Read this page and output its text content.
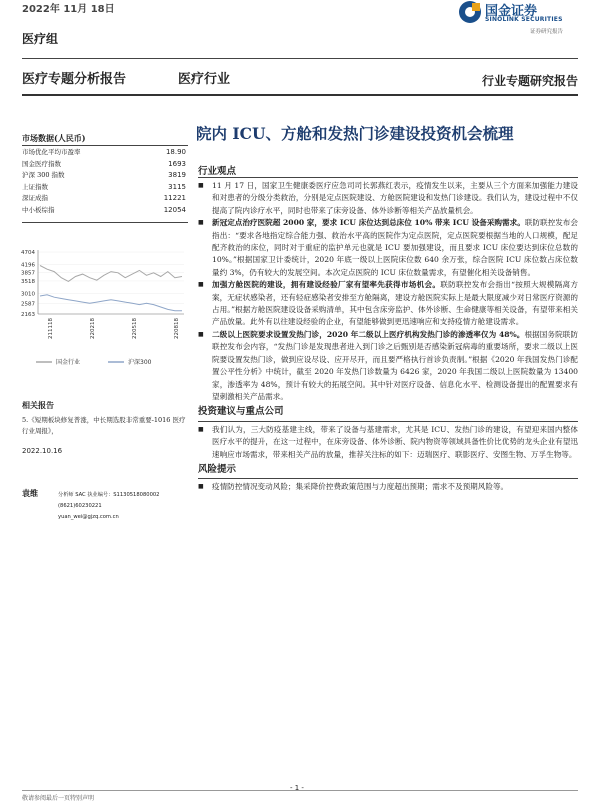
2022年 11月 18日	国金证券
SINOLINK SECURITIES
证券研究报告
医疗组
医疗专题分析报告	医疗行业	行业专题研究报告
院内 ICU、方舱和发热门诊建设投资机会梳理
市场数据(人民币)
市场优化平均市盈率	18.90
国金医疗指数	1693
沪深 300 指数	3819
上证指数	3115
深证成指	11221
中小板综指	12054
4704
4196
3857
3518
3010
2587
2163
211118	220218	220518	220818
国金行业	沪深300
相关报告
5.《短期板块修复普涨，中长期选股非常重要-1016 医疗行业周报》，
2022.10.16
袁维	分析师 SAC 执业编号：S1130518080002
(8621)60230221
yuan_wei@gjzq.com.cn
行业观点

■ 11 月 17 日，国家卫生健康委医疗应急司司长郭燕红表示，疫情发生以来，主要从三个方面来加强能力建设和对患者的分级分类救治，分别是定点医院建设、方舱医院建设和发热门诊建设。我们认为，建设过程中不仅提高了院内诊疗水平，同时也带来了床旁设备、体外诊断等相关产品放量机会。

■ 新冠定点治疗医院超 2000 家，要求 ICU 床位达到总床位 10% 带来 ICU 设备采购需求。联防联控发布会指出：“要求各地指定综合能力强、救治水平高的医院作为定点医院，定点医院要根据当地的人口规模，配足配齐救治的床位，同时对于重症的监护单元也就是 ICU 要加强建设，而且要求 ICU 床位要达到床位总数的 10%。”根据国家卫计委统计，2020 年底一级以上医院床位数 640 余万张，综合医院 ICU 床位数占床位数量约 3%，仍有较大的发展空间。本次定点医院的 ICU 床位数量需求，有望催化相关设备销售。

■ 加强方舱医院的建设，拥有建设经验厂家有望率先获得市场机会。联防联控发布会指出“按照大规模隔离方案，无症状感染者，还有轻症感染者安排至方舱隔离，建设方舱医院实际上是最大限度减少对日常医疗资源的占用。”根据方舱医院建设设备采购清单，其中包含床旁监护、体外诊断、生命健康等相关设备，有望带来相关产品放量。此外有以往建设经验的企业，有望能够做到更迅速响应和支持疫情方舱建设需求。

■ 二级以上医院要求设置发热门诊，2020 年二级以上医疗机构发热门诊的渗透率仅为 48%。根据国务院联防联控发布会内容，“发热门诊是发现患者进入到门诊之后甄别是否感染新冠病毒的重要场所，要求二级以上医院要设置发热门诊，做到应设尽设、应开尽开，而且要严格执行首诊负责制。”根据《2020 年我国发热门诊配置公平性分析》中统计，截至 2020 年发热门诊数量为 6426 家，2020 年我国二级以上医院数量为 13400 家，渗透率为 48%，预计有较大的拓展空间。其中针对医疗设备、信息化水平、检测设备提出的配置要求有望刺激相关产品需求。

投资建议与重点公司

■ 我们认为，三大防疫基建主线，带来了设备与基建需求，尤其是 ICU、发热门诊的建设，有望迎来国内整体医疗水平的提升，在这一过程中，在床旁设备、体外诊断、院内物资等领域具备性价比优势的龙头企业有望迅速响应市场需求，带来相关产品的放量，推荐关注标的如下：迈瑞医疗、联影医疗、安图生物、万孚生物等。

风险提示

■ 疫情防控情况变动风险；集采降价控费政策范围与力度超出预期；需求不及预期风险等。

- 1 -
敬请参阅最后一页特别声明
